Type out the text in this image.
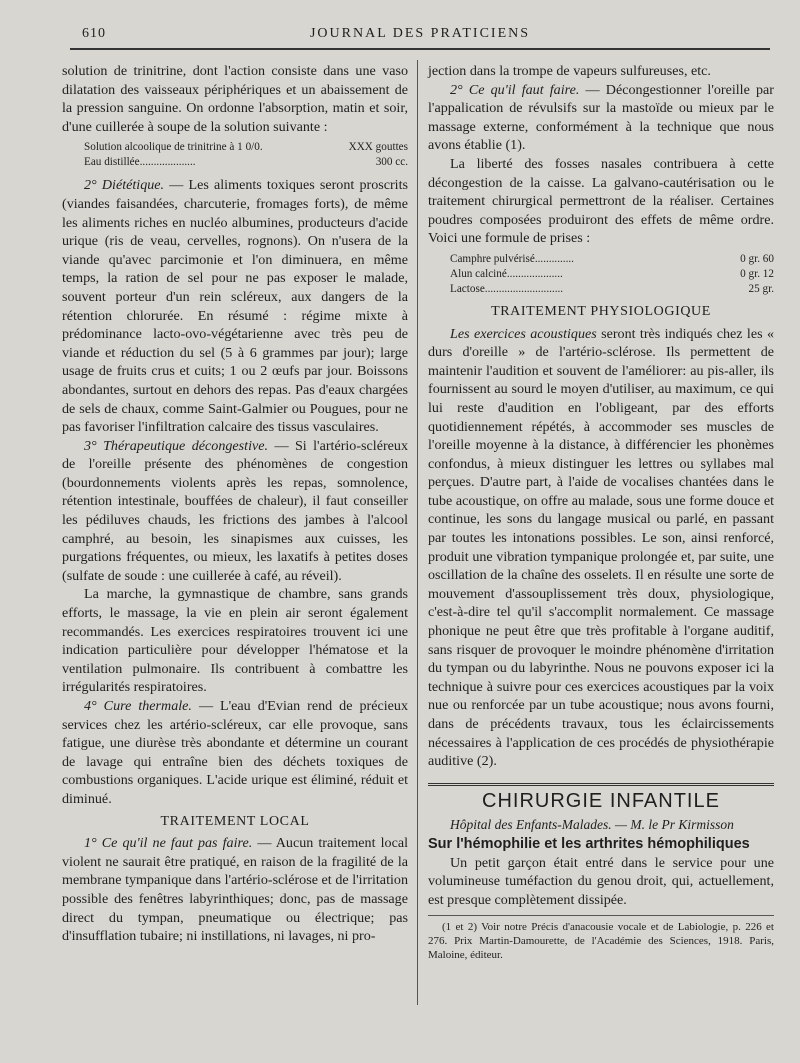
610	JOURNAL DES PRATICIENS

solution de trinitrine, dont l'action consiste dans une vaso dilatation des vaisseaux périphériques et un abaissement de la pression sanguine. On ordonne l'absorption, matin et soir, d'une cuillerée à soupe de la solution suivante :

Solution alcoolique de trinitrine à 1 0/0.	XXX gouttes
Eau distillée....................	300 cc.

2° Diététique. — Les aliments toxiques seront proscrits (viandes faisandées, charcuterie, fromages forts), de même les aliments riches en nucléo albumines, producteurs d'acide urique (ris de veau, cervelles, rognons). On n'usera de la viande qu'avec parcimonie et l'on diminuera, en même temps, la ration de sel pour ne pas exposer le malade, souvent porteur d'un rein scléreux, aux dangers de la rétention chlorurée. En résumé : régime mixte à prédominance lacto-ovo-végétarienne avec très peu de viande et réduction du sel (5 à 6 grammes par jour); large usage de fruits crus et cuits; 1 ou 2 œufs par jour. Boissons abondantes, surtout en dehors des repas. Pas d'eaux chargées de sels de chaux, comme Saint-Galmier ou Pougues, pour ne pas favoriser l'infiltration calcaire des tissus vasculaires.

3° Thérapeutique décongestive. — Si l'artério-scléreux de l'oreille présente des phénomènes de congestion (bourdonnements violents après les repas, somnolence, rétention intestinale, bouffées de chaleur), il faut conseiller les pédiluves chauds, les frictions des jambes à l'alcool camphré, au besoin, les sinapismes aux cuisses, les purgations fréquentes, ou mieux, les laxatifs à petites doses (sulfate de soude : une cuillerée à café, au réveil).

La marche, la gymnastique de chambre, sans grands efforts, le massage, la vie en plein air seront également recommandés. Les exercices respiratoires trouvent ici une indication particulière pour développer l'hématose et la ventilation pulmonaire. Ils contribuent à combattre les irrégularités respiratoires.

4° Cure thermale. — L'eau d'Evian rend de précieux services chez les artério-scléreux, car elle provoque, sans fatigue, une diurèse très abondante et détermine un courant de lavage qui entraîne bien des déchets toxiques de combustions organiques. L'acide urique est éliminé, réduit et diminué.

TRAITEMENT LOCAL

1° Ce qu'il ne faut pas faire. — Aucun traitement local violent ne saurait être pratiqué, en raison de la fragilité de la membrane tympanique dans l'artério-sclérose et de l'irritation possible des fenêtres labyrinthiques; donc, pas de massage direct du tympan, pneumatique ou électrique; pas d'insufflation tubaire; ni instillations, ni lavages, ni pro-

jection dans la trompe de vapeurs sulfureuses, etc.

2° Ce qu'il faut faire. — Décongestionner l'oreille par l'appalication de révulsifs sur la mastoïde ou mieux par le massage externe, conformément à la technique que nous avons établie (1).

La liberté des fosses nasales contribuera à cette décongestion de la caisse. La galvano-cautérisation ou le traitement chirurgical permettront de la réaliser. Certaines poudres composées produiront des effets de même ordre. Voici une formule de prises :

Camphre pulvérisé..............	0 gr. 60
Alun calciné....................	0 gr. 12
Lactose............................	25 gr.
TRAITEMENT PHYSIOLOGIQUE

Les exercices acoustiques seront très indiqués chez les « durs d'oreille » de l'artério-sclérose. Ils permettent de maintenir l'audition et souvent de l'améliorer: au pis-aller, ils fournissent au sourd le moyen d'utiliser, au maximum, ce qui lui reste d'audition en l'obligeant, par des efforts quotidiennement répétés, à accommoder ses muscles de l'oreille moyenne à la distance, à différencier les phonèmes confondus, à mieux distinguer les lettres ou syllabes mal perçues. D'autre part, à l'aide de vocalises chantées dans le tube acoustique, on offre au malade, sous une forme douce et continue, les sons du langage musical ou parlé, en passant par toutes les intonations possibles. Le son, ainsi renforcé, produit une vibration tympanique prolongée et, par suite, une oscillation de la chaîne des osselets. Il en résulte une sorte de mouvement d'assouplissement très doux, physiologique, c'est-à-dire tel qu'il s'accomplit normalement. Ce massage phonique ne peut être que très profitable à l'organe auditif, sans risquer de provoquer le moindre phénomène d'irritation du tympan ou du labyrinthe. Nous ne pouvons exposer ici la technique à suivre pour ces exercices acoustiques par la voix nue ou renforcée par un tube acoustique; nous avons fourni, dans de précédents travaux, tous les éclaircissements nécessaires à l'application de ces procédés de physiothérapie auditive (2).

CHIRURGIE INFANTILE

Hôpital des Enfants-Malades. — M. le Pr Kirmisson

Sur l'hémophilie et les arthrites hémophiliques

Un petit garçon était entré dans le service pour une volumineuse tuméfaction du genou droit, qui, actuellement, est presque complètement dissipée.

(1 et 2) Voir notre Précis d'anacousie vocale et de Labiologie, p. 226 et 276. Prix Martin-Damourette, de l'Académie des Sciences, 1918. Paris, Maloine, éditeur.
